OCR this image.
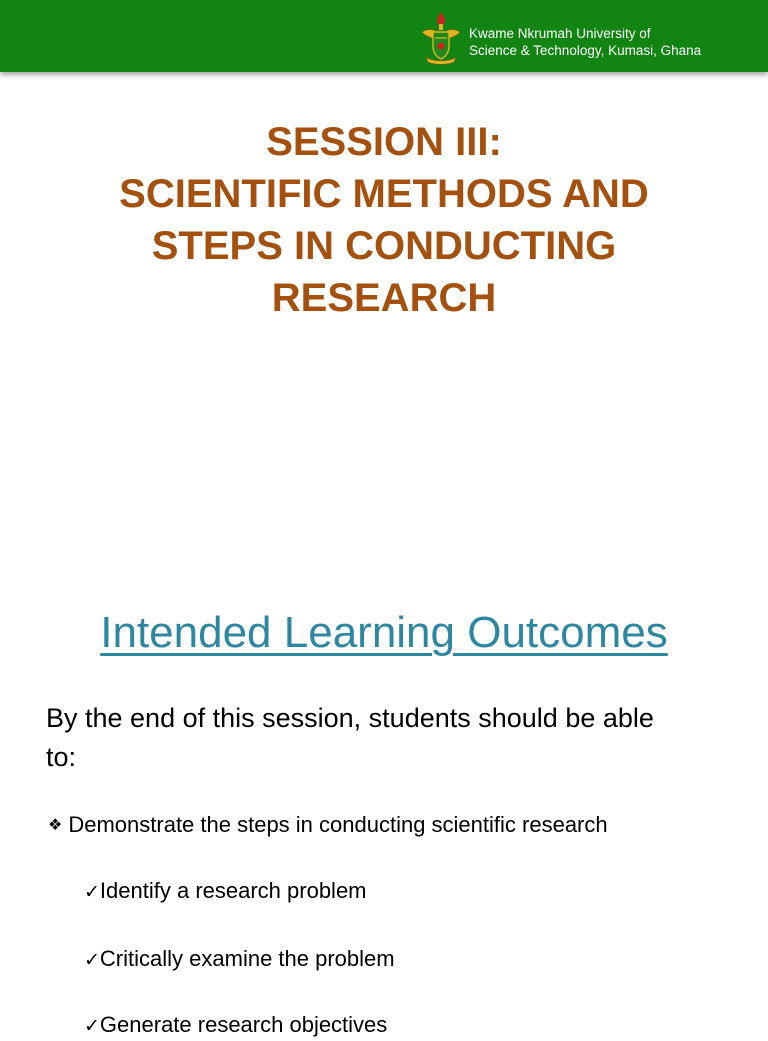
Kwame Nkrumah University of
Science & Technology, Kumasi, Ghana
SESSION III:
SCIENTIFIC METHODS AND
STEPS IN CONDUCTING
RESEARCH
Intended Learning Outcomes
By the end of this session, students should be able
to:
❖ Demonstrate the steps in conducting scientific research
✓Identify a research problem
✓Critically examine the problem
✓Generate research objectives
